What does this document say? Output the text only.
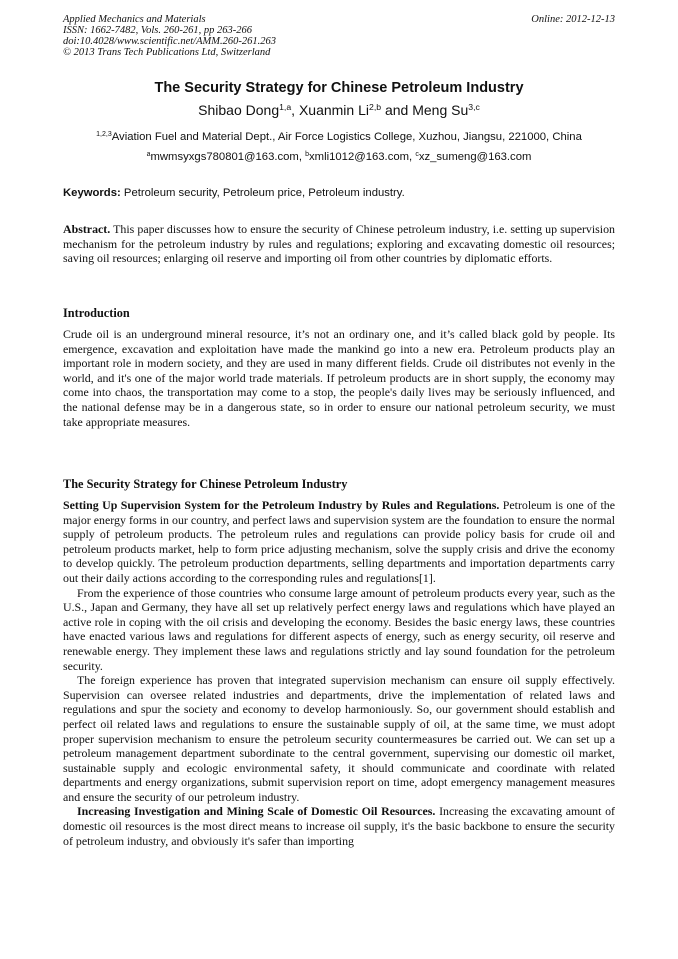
Applied Mechanics and Materials
ISSN: 1662-7482, Vols. 260-261, pp 263-266
doi:10.4028/www.scientific.net/AMM.260-261.263
© 2013 Trans Tech Publications Ltd, Switzerland
Online: 2012-12-13
The Security Strategy for Chinese Petroleum Industry
Shibao Dong$^{1,a}$, Xuanmin Li$^{2,b}$ and Meng Su$^{3,c}$
$^{1,2,3}$Aviation Fuel and Material Dept., Air Force Logistics College, Xuzhou, Jiangsu, 221000, China
$^a$mwmsyxgs780801@163.com, $^b$xmli1012@163.com, $^c$xz_sumeng@163.com
Keywords: Petroleum security, Petroleum price, Petroleum industry.
Abstract. This paper discusses how to ensure the security of Chinese petroleum industry, i.e. setting up supervision mechanism for the petroleum industry by rules and regulations; exploring and excavating domestic oil resources; saving oil resources; enlarging oil reserve and importing oil from other countries by diplomatic efforts.
Introduction

Crude oil is an underground mineral resource, it’s not an ordinary one, and it’s called black gold by people. Its emergence, excavation and exploitation have made the mankind go into a new era. Petroleum products play an important role in modern society, and they are used in many different fields. Crude oil distributes not evenly in the world, and it's one of the major world trade materials. If petroleum products are in short supply, the economy may come into chaos, the transportation may come to a stop, the people's daily lives may be seriously influenced, and the national defense may be in a dangerous state, so in order to ensure our national petroleum security, we must take appropriate measures.

The Security Strategy for Chinese Petroleum Industry

Setting Up Supervision System for the Petroleum Industry by Rules and Regulations. Petroleum is one of the major energy forms in our country, and perfect laws and supervision system are the foundation to ensure the normal supply of petroleum products. The petroleum rules and regulations can provide policy basis for crude oil and petroleum products market, help to form price adjusting mechanism, solve the supply crisis and drive the economy to develop quickly. The petroleum production departments, selling departments and importation departments carry out their daily actions according to the corresponding rules and regulations[1].

From the experience of those countries who consume large amount of petroleum products every year, such as the U.S., Japan and Germany, they have all set up relatively perfect energy laws and regulations which have played an active role in coping with the oil crisis and developing the economy. Besides the basic energy laws, these countries have enacted various laws and regulations for different aspects of energy, such as energy security, oil reserve and renewable energy. They implement these laws and regulations strictly and lay sound foundation for the petroleum security.

The foreign experience has proven that integrated supervision mechanism can ensure oil supply effectively. Supervision can oversee related industries and departments, drive the implementation of related laws and regulations and spur the society and economy to develop harmoniously. So, our government should establish and perfect oil related laws and regulations to ensure the sustainable supply of oil, at the same time, we must adopt proper supervision mechanism to ensure the petroleum security countermeasures be carried out. We can set up a petroleum management department subordinate to the central government, supervising our domestic oil market, sustainable supply and ecologic environmental safety, it should communicate and coordinate with related departments and energy organizations, submit supervision report on time, adopt emergency management measures and ensure the security of our petroleum industry.

Increasing Investigation and Mining Scale of Domestic Oil Resources. Increasing the excavating amount of domestic oil resources is the most direct means to increase oil supply, it's the basic backbone to ensure the security of petroleum industry, and obviously it's safer than importing
